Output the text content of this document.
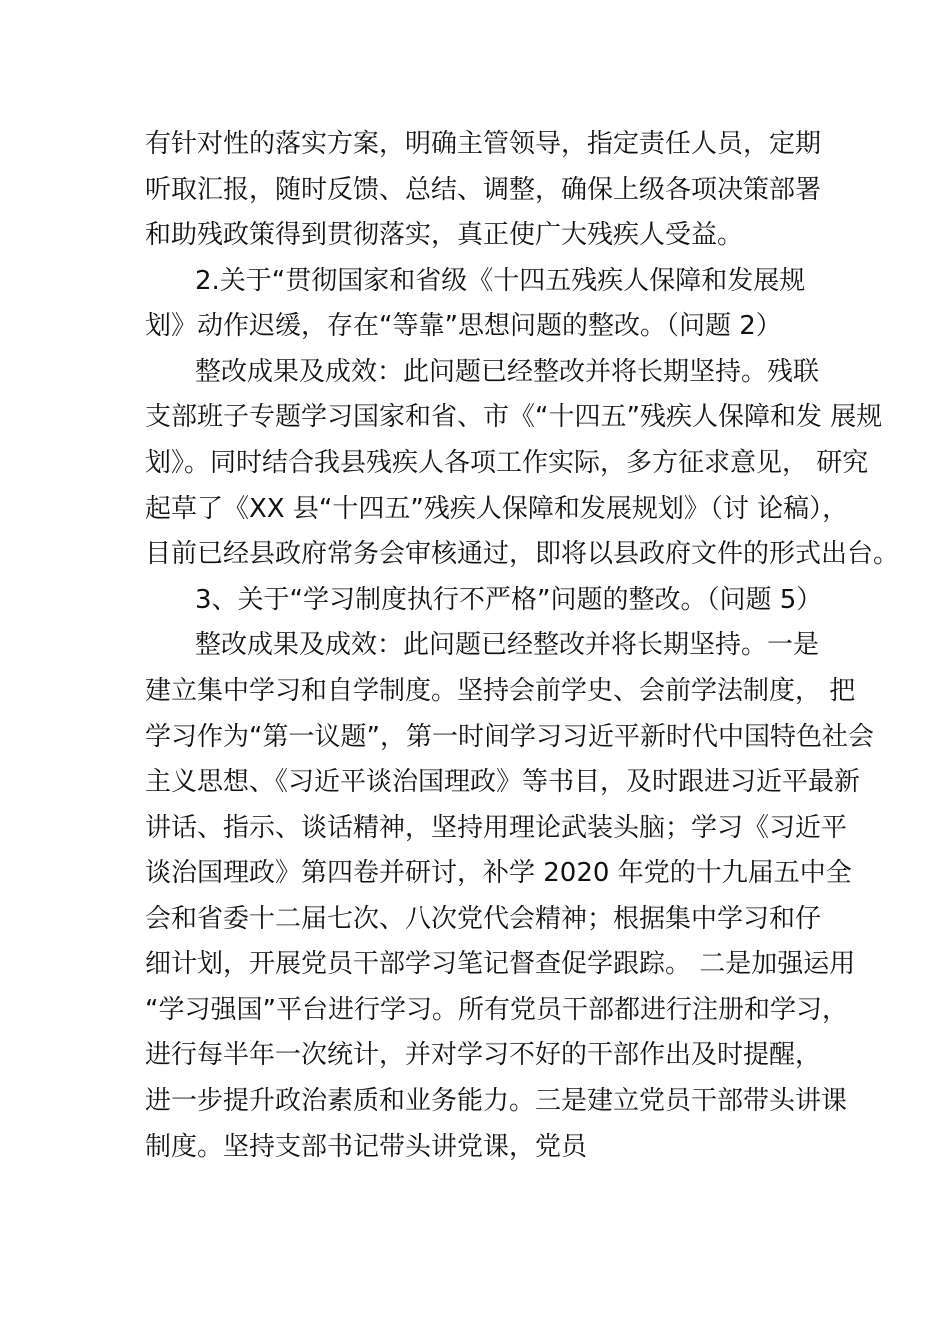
有针对性的落实方案，明确主管领导，指定责任人员，定期
听取汇报，随时反馈、总结、调整，确保上级各项决策部署
和助残政策得到贯彻落实，真正使广大残疾人受益。
2.关于“贯彻国家和省级《十四五残疾人保障和发展规
划》动作迟缓，存在“等靠”思想问题的整改。（问题 2）
整改成果及成效：此问题已经整改并将长期坚持。残联
支部班子专题学习国家和省、市《“十四五”残疾人保障和发 展规
划》。同时结合我县残疾人各项工作实际，多方征求意见， 研究
起草了《XX 县“十四五”残疾人保障和发展规划》（讨 论稿），
目前已经县政府常务会审核通过，即将以县政府文件的形式出台。
3、关于“学习制度执行不严格”问题的整改。（问题 5）
整改成果及成效：此问题已经整改并将长期坚持。一是
建立集中学习和自学制度。坚持会前学史、会前学法制度， 把
学习作为“第一议题”，第一时间学习习近平新时代中国特色社会
主义思想、《习近平谈治国理政》等书目，及时跟进习近平最新
讲话、指示、谈话精神，坚持用理论武装头脑；学习《习近平
谈治国理政》第四卷并研讨，补学 2020 年党的十九届五中全
会和省委十二届七次、八次党代会精神；根据集中学习和仔
细计划，开展党员干部学习笔记督查促学跟踪。 二是加强运用
“学习强国”平台进行学习。所有党员干部都进行注册和学习，
进行每半年一次统计，并对学习不好的干部作出及时提醒，
进一步提升政治素质和业务能力。三是建立党员干部带头讲课
制度。坚持支部书记带头讲党课，党员
